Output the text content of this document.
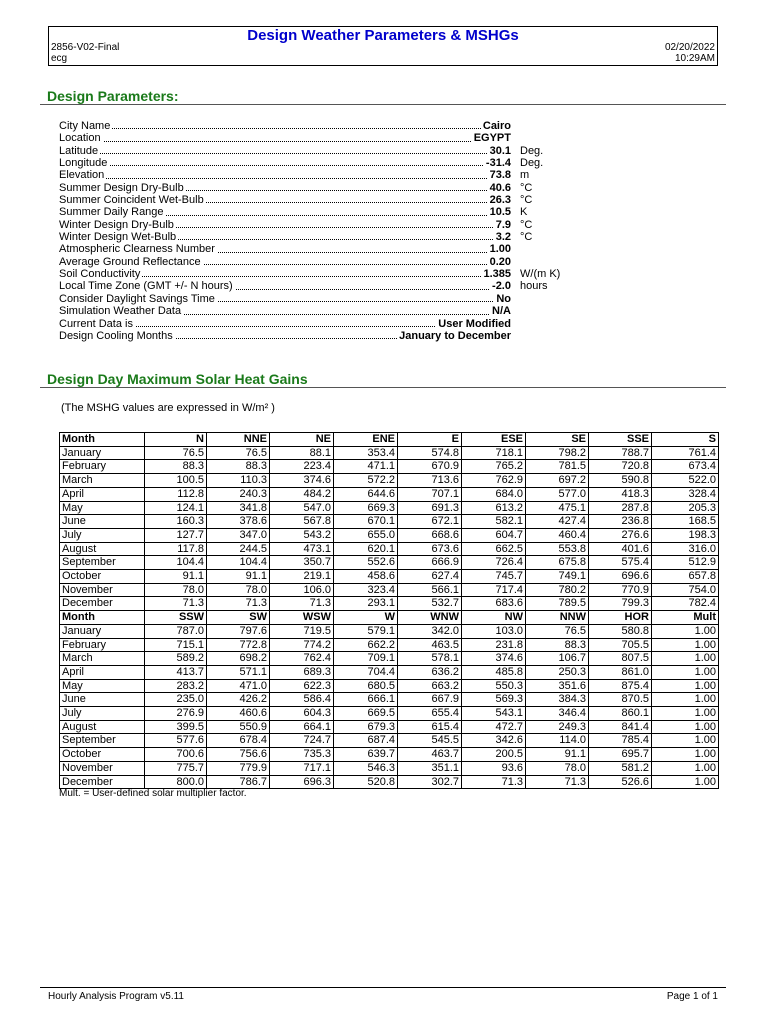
Design Weather Parameters & MSHGs
2856-V02-Final
ecg
02/20/2022
10:29AM
Design Parameters:
City Name	Cairo
Location	EGYPT
Latitude	30.1 Deg.
Longitude	-31.4 Deg.
Elevation	73.8 m
Summer Design Dry-Bulb	40.6 °C
Summer Coincident Wet-Bulb	26.3 °C
Summer Daily Range	10.5 K
Winter Design Dry-Bulb	7.9 °C
Winter Design Wet-Bulb	3.2 °C
Atmospheric Clearness Number	1.00
Average Ground Reflectance	0.20
Soil Conductivity	1.385 W/(m K)
Local Time Zone (GMT +/- N hours)	-2.0 hours
Consider Daylight Savings Time	No
Simulation Weather Data	N/A
Current Data is	User Modified
Design Cooling Months	January to December
Design Day Maximum Solar Heat Gains
(The MSHG values are expressed in W/m² )
Month	N	NNE	NE	ENE	E	ESE	SE	SSE	S
January	76.5	76.5	88.1	353.4	574.8	718.1	798.2	788.7	761.4
February	88.3	88.3	223.4	471.1	670.9	765.2	781.5	720.8	673.4
March	100.5	110.3	374.6	572.2	713.6	762.9	697.2	590.8	522.0
April	112.8	240.3	484.2	644.6	707.1	684.0	577.0	418.3	328.4
May	124.1	341.8	547.0	669.3	691.3	613.2	475.1	287.8	205.3
June	160.3	378.6	567.8	670.1	672.1	582.1	427.4	236.8	168.5
July	127.7	347.0	543.2	655.0	668.6	604.7	460.4	276.6	198.3
August	117.8	244.5	473.1	620.1	673.6	662.5	553.8	401.6	316.0
September	104.4	104.4	350.7	552.6	666.9	726.4	675.8	575.4	512.9
October	91.1	91.1	219.1	458.6	627.4	745.7	749.1	696.6	657.8
November	78.0	78.0	106.0	323.4	566.1	717.4	780.2	770.9	754.0
December	71.3	71.3	71.3	293.1	532.7	683.6	789.5	799.3	782.4
Month	SSW	SW	WSW	W	WNW	NW	NNW	HOR	Mult
January	787.0	797.6	719.5	579.1	342.0	103.0	76.5	580.8	1.00
February	715.1	772.8	774.2	662.2	463.5	231.8	88.3	705.5	1.00
March	589.2	698.2	762.4	709.1	578.1	374.6	106.7	807.5	1.00
April	413.7	571.1	689.3	704.4	636.2	485.8	250.3	861.0	1.00
May	283.2	471.0	622.3	680.5	663.2	550.3	351.6	875.4	1.00
June	235.0	426.2	586.4	666.1	667.9	569.3	384.3	870.5	1.00
July	276.9	460.6	604.3	669.5	655.4	543.1	346.4	860.1	1.00
August	399.5	550.9	664.1	679.3	615.4	472.7	249.3	841.4	1.00
September	577.6	678.4	724.7	687.4	545.5	342.6	114.0	785.4	1.00
October	700.6	756.6	735.3	639.7	463.7	200.5	91.1	695.7	1.00
November	775.7	779.9	717.1	546.3	351.1	93.6	78.0	581.2	1.00
December	800.0	786.7	696.3	520.8	302.7	71.3	71.3	526.6	1.00
Mult. = User-defined solar multiplier factor.
Hourly Analysis Program v5.11	Page 1 of 1
